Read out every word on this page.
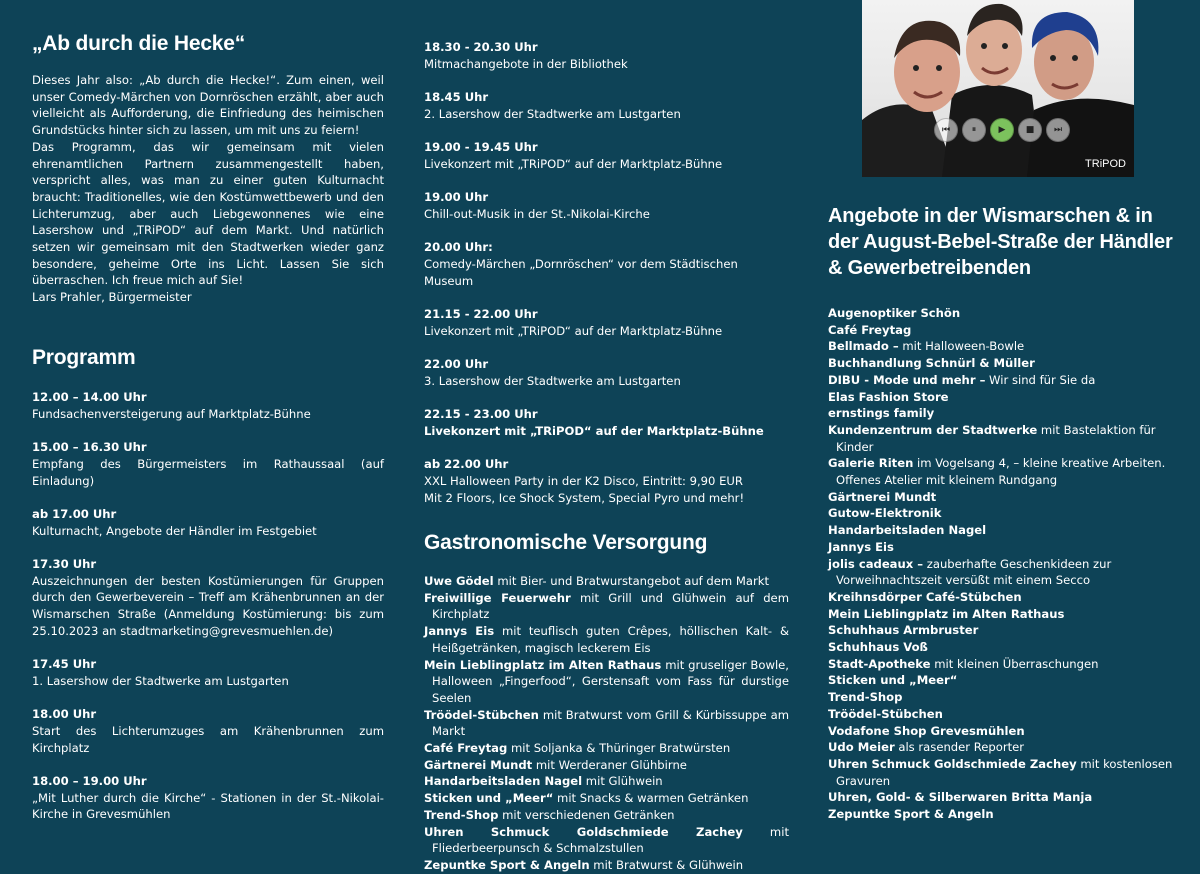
„Ab durch die Hecke“

Dieses Jahr also: „Ab durch die Hecke!“. Zum einen, weil unser Comedy-Märchen von Dornröschen erzählt, aber auch vielleicht als Aufforderung, die Einfriedung des heimischen Grundstücks hinter sich zu lassen, um mit uns zu feiern!

Das Programm, das wir gemeinsam mit vielen ehrenamtlichen Partnern zusammengestellt haben, verspricht alles, was man zu einer guten Kulturnacht braucht: Traditionelles, wie den Kostümwettbewerb und den Lichterumzug, aber auch Liebgewonnenes wie eine Lasershow und „TRiPOD“ auf dem Markt. Und natürlich setzen wir gemeinsam mit den Stadtwerken wieder ganz besondere, geheime Orte ins Licht. Lassen Sie sich überraschen. Ich freue mich auf Sie!

Lars Prahler, Bürgermeister

Programm

12.00 – 14.00 Uhr

Fundsachenversteigerung auf Marktplatz-Bühne

15.00 – 16.30 Uhr

Empfang des Bürgermeisters im Rathaussaal (auf Einladung)

ab 17.00 Uhr

Kulturnacht, Angebote der Händler im Festgebiet

17.30 Uhr

Auszeichnungen der besten Kostümierungen für Gruppen durch den Gewerbeverein – Treff am Krähenbrunnen an der Wismarschen Straße (Anmeldung Kostümierung: bis zum 25.10.2023 an stadtmarketing@grevesmuehlen.de)

17.45 Uhr

1. Lasershow der Stadtwerke am Lustgarten

18.00 Uhr

Start des Lichterumzuges am Krähenbrunnen zum Kirchplatz

18.00 – 19.00 Uhr

„Mit Luther durch die Kirche“ - Stationen in der St.-Nikolai-Kirche in Grevesmühlen

18.30 - 20.30 Uhr

Mitmachangebote in der Bibliothek

18.45 Uhr

2. Lasershow der Stadtwerke am Lustgarten

19.00 - 19.45 Uhr

Livekonzert mit „TRiPOD“ auf der Marktplatz-Bühne

19.00 Uhr

Chill-out-Musik in der St.-Nikolai-Kirche

20.00 Uhr:

Comedy-Märchen „Dornröschen“ vor dem Städtischen Museum

21.15 - 22.00 Uhr

Livekonzert mit „TRiPOD“ auf der Marktplatz-Bühne

22.00 Uhr

3. Lasershow der Stadtwerke am Lustgarten

22.15 - 23.00 Uhr

Livekonzert mit „TRiPOD“ auf der Marktplatz-Bühne

ab 22.00 Uhr

XXL Halloween Party in der K2 Disco, Eintritt: 9,90 EUR

Mit 2 Floors, Ice Shock System, Special Pyro und mehr!

Gastronomische Versorgung

Uwe Gödel mit Bier- und Bratwurstangebot auf dem Markt

Freiwillige Feuerwehr mit Grill und Glühwein auf dem Kirchplatz

Jannys Eis mit teuflisch guten Crêpes, höllischen Kalt- & Heißgetränken, magisch leckerem Eis

Mein Lieblingplatz im Alten Rathaus mit gruseliger Bowle, Halloween „Fingerfood“, Gerstensaft vom Fass für durstige Seelen

Tröödel-Stübchen mit Bratwurst vom Grill & Kürbissuppe am Markt

Café Freytag mit Soljanka & Thüringer Bratwürsten

Gärtnerei Mundt mit Werderaner Glühbirne

Handarbeitsladen Nagel mit Glühwein

Sticken und „Meer“ mit Snacks & warmen Getränken

Trend-Shop mit verschiedenen Getränken

Uhren Schmuck Goldschmiede Zachey mit Fliederbeerpunsch & Schmalzstullen

Zepuntke Sport & Angeln mit Bratwurst & Glühwein

⏮	⏸	▶	■	⏭
TRiPOD
Angebote in der Wismarschen & in der August-Bebel-Straße der Händler & Gewerbetreibenden

Augenoptiker Schön

Café Freytag

Bellmado – mit Halloween-Bowle

Buchhandlung Schnürl & Müller

DIBU - Mode und mehr – Wir sind für Sie da

Elas Fashion Store

ernstings family

Kundenzentrum der Stadtwerke mit Bastelaktion für Kinder

Galerie Riten im Vogelsang 4, – kleine kreative Arbeiten. Offenes Atelier mit kleinem Rundgang

Gärtnerei Mundt

Gutow-Elektronik

Handarbeitsladen Nagel

Jannys Eis

jolis cadeaux – zauberhafte Geschenkideen zur Vorweihnachtszeit versüßt mit einem Secco

Kreihnsdörper Café-Stübchen

Mein Lieblingplatz im Alten Rathaus

Schuhhaus Armbruster

Schuhhaus Voß

Stadt-Apotheke mit kleinen Überraschungen

Sticken und „Meer“

Trend-Shop

Tröödel-Stübchen

Vodafone Shop Grevesmühlen

Udo Meier als rasender Reporter

Uhren Schmuck Goldschmiede Zachey mit kostenlosen Gravuren

Uhren, Gold- & Silberwaren Britta Manja

Zepuntke Sport & Angeln
